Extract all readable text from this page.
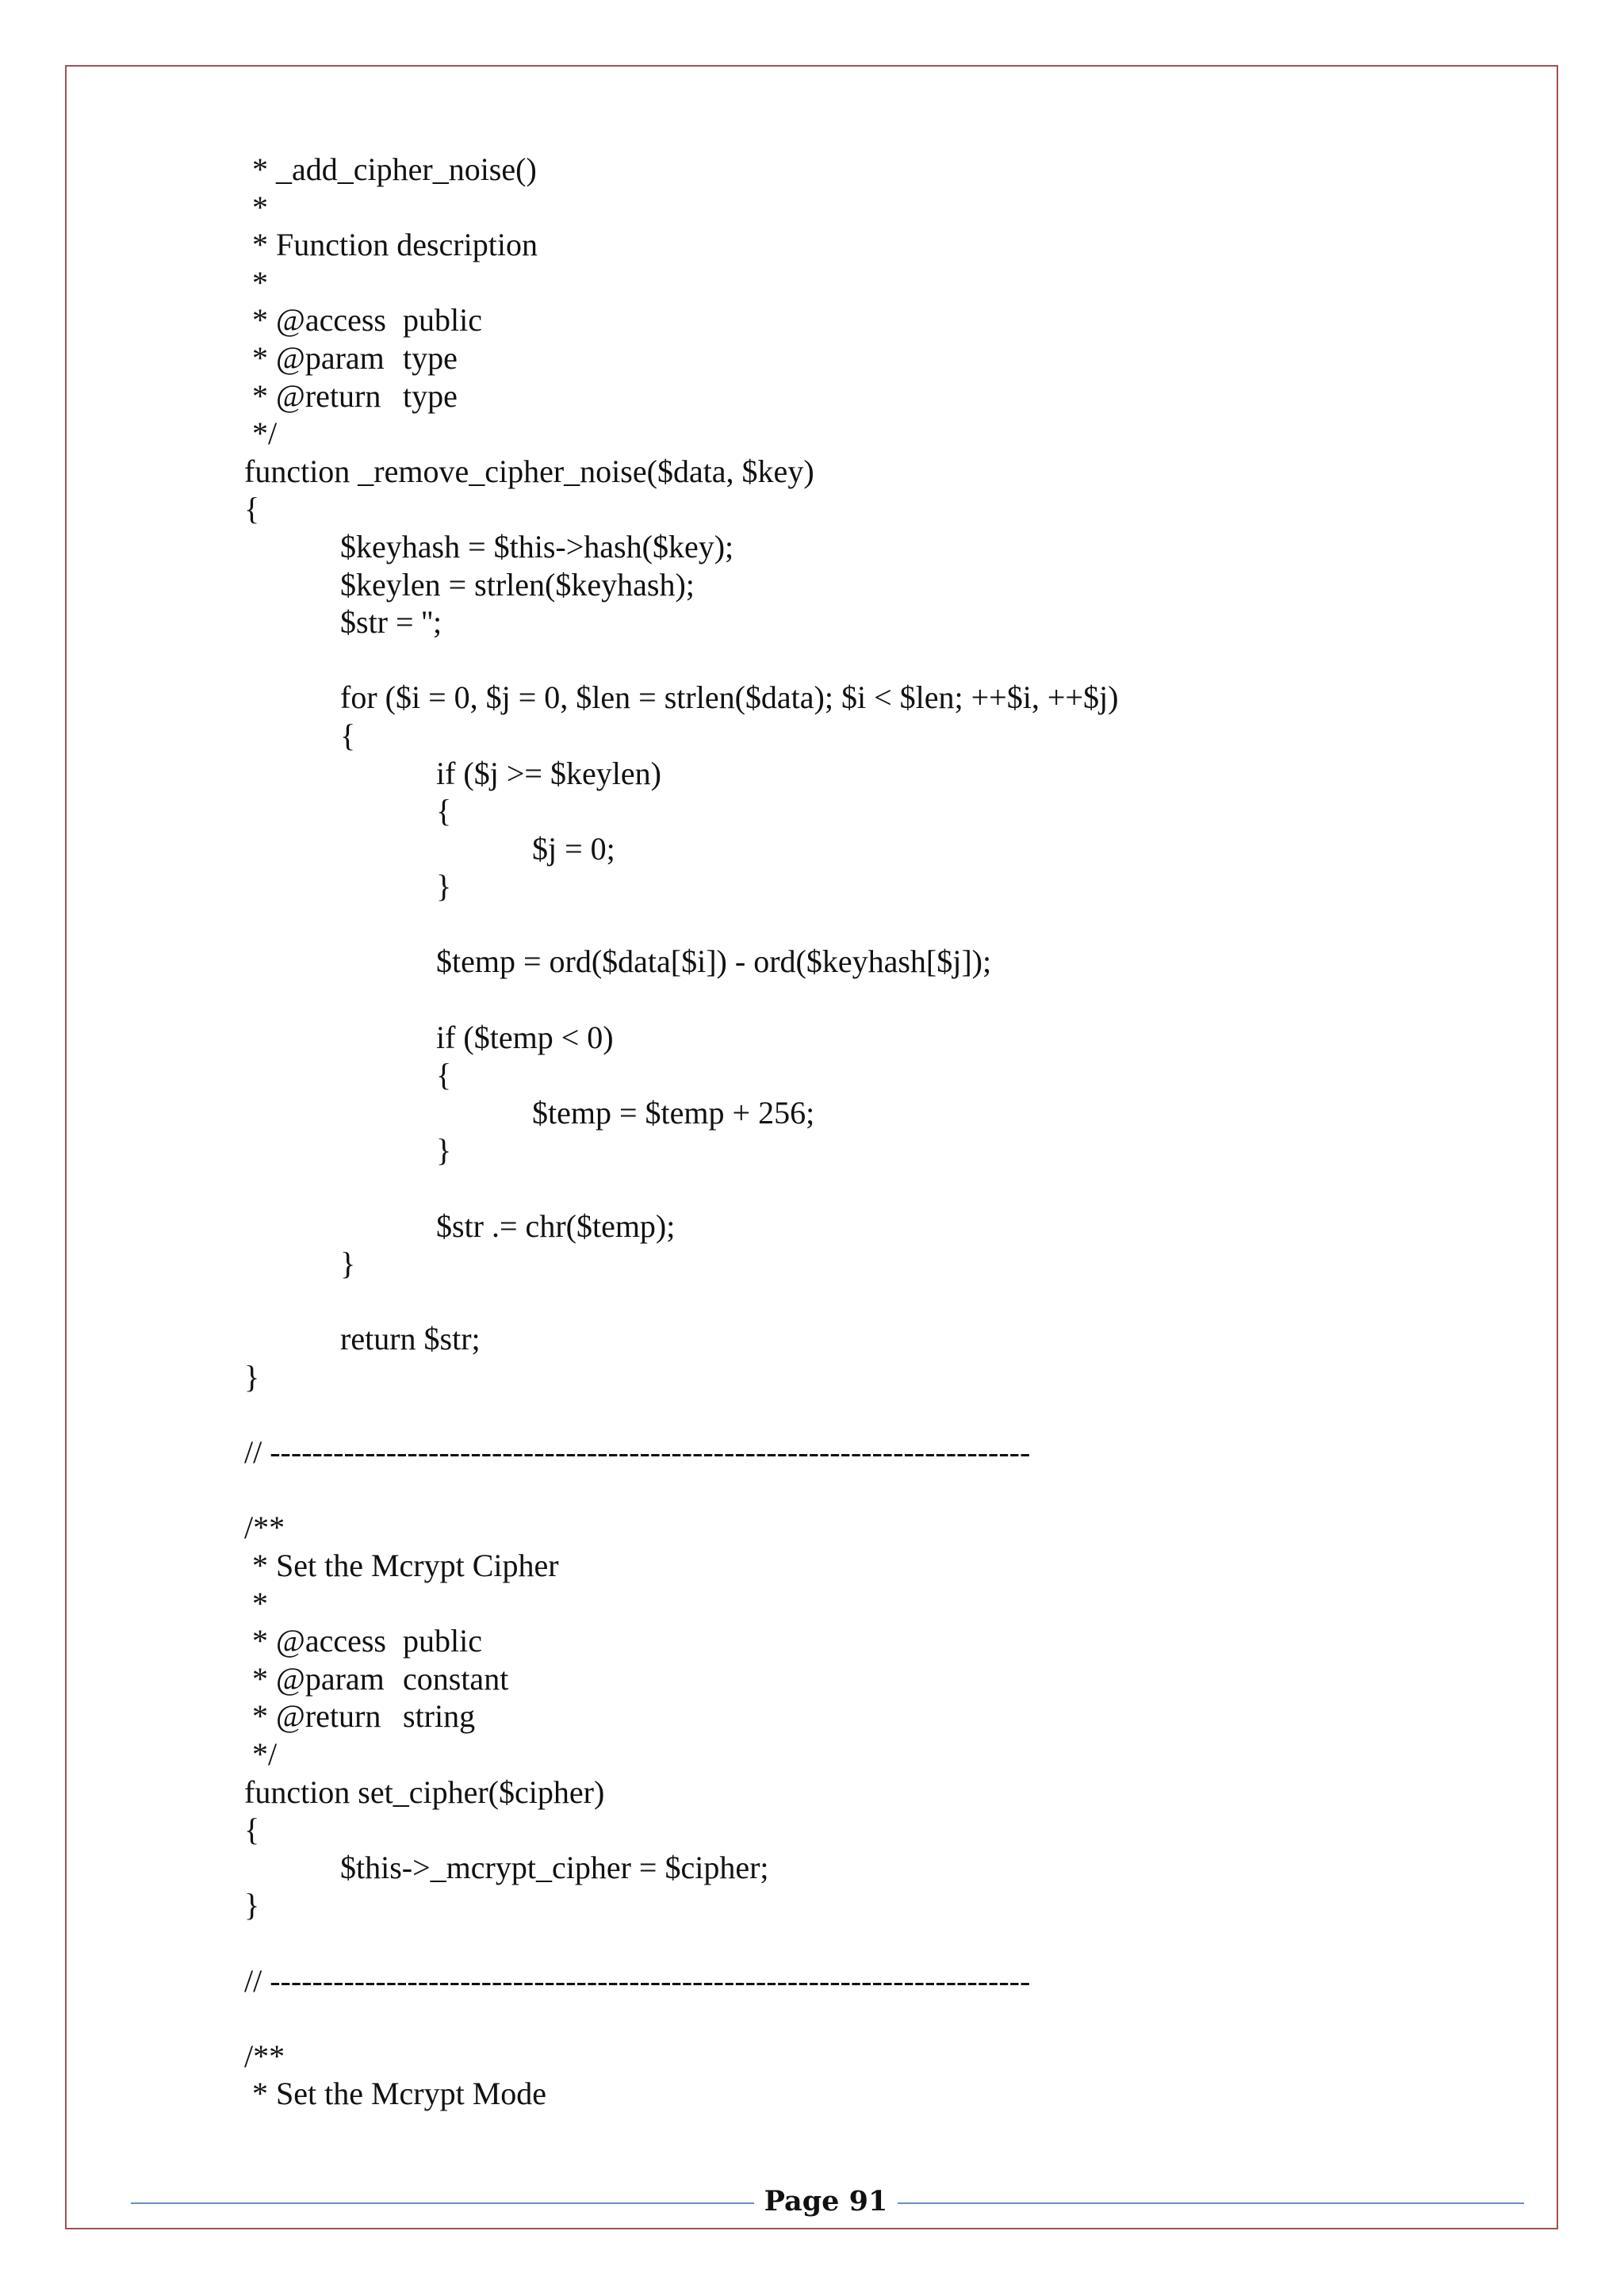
* _add_cipher_noise()
*
* Function description
*
* @access public
* @param type
* @return type
*/
function _remove_cipher_noise($data, $key)
{
$keyhash = $this->hash($key);
$keylen = strlen($keyhash);
$str = '';
for ($i = 0, $j = 0, $len = strlen($data); $i < $len; ++$i, ++$j)
{
if ($j >= $keylen)
{
$j = 0;
}
$temp = ord($data[$i]) - ord($keyhash[$j]);
if ($temp < 0)
{
$temp = $temp + 256;
}
$str .= chr($temp);
}
return $str;
}
// ------------------------------------------------------------------------
/**
* Set the Mcrypt Cipher
*
* @access public
* @param constant
* @return string
*/
function set_cipher($cipher)
{
$this->_mcrypt_cipher = $cipher;
}
// ------------------------------------------------------------------------
/**
* Set the Mcrypt Mode
Page 91
